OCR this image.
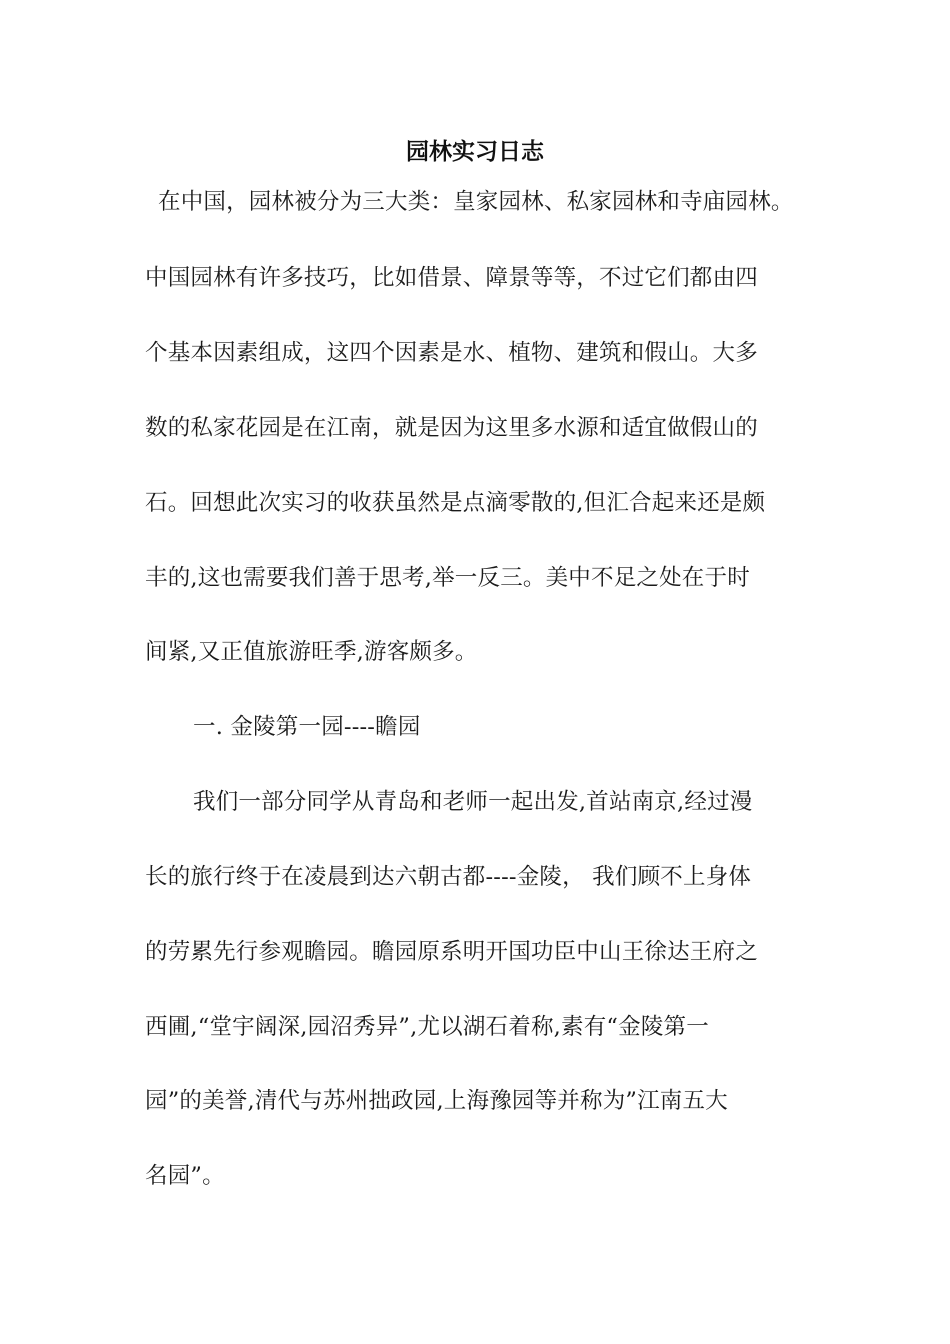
园林实习日志
在中国，园林被分为三大类：皇家园林、私家园林和寺庙园林。
中国园林有许多技巧，比如借景、障景等等，不过它们都由四
个基本因素组成，这四个因素是水、植物、建筑和假山。大多
数的私家花园是在江南，就是因为这里多水源和适宜做假山的
石。回想此次实习的收获虽然是点滴零散的,但汇合起来还是颇
丰的,这也需要我们善于思考,举一反三。美中不足之处在于时
间紧,又正值旅游旺季,游客颇多。
一. 金陵第一园----瞻园
我们一部分同学从青岛和老师一起出发,首站南京,经过漫
长的旅行终于在凌晨到达六朝古都----金陵， 我们顾不上身体
的劳累先行参观瞻园。瞻园原系明开国功臣中山王徐达王府之
西圃,“堂宇阔深,园沼秀异”,尤以湖石着称,素有“金陵第一
园”的美誉,清代与苏州拙政园,上海豫园等并称为”江南五大
名园”。
